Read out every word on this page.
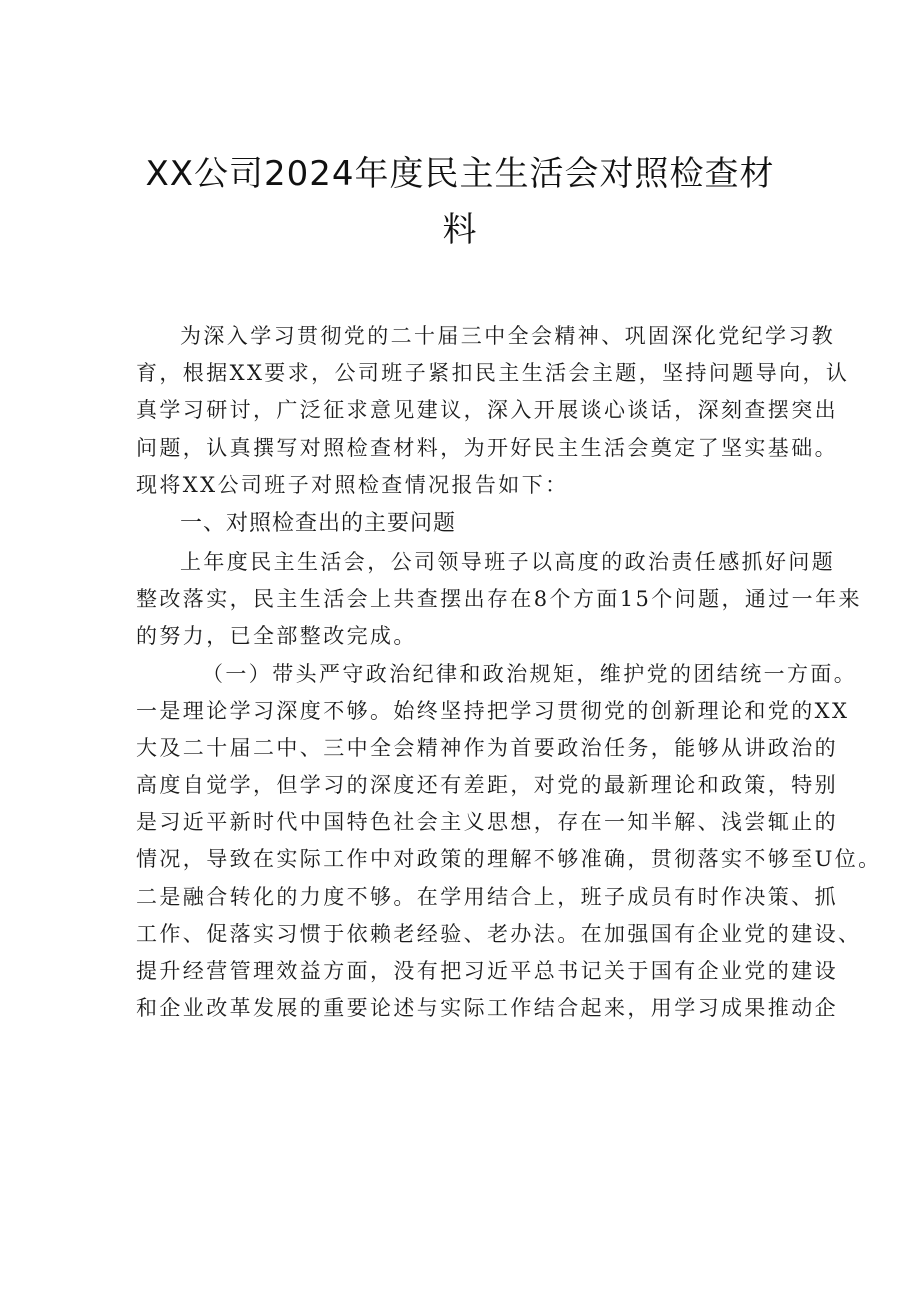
XX公司2024年度民主生活会对照检查材
料
为深入学习贯彻党的二十届三中全会精神、巩固深化党纪学习教
育，根据XX要求，公司班子紧扣民主生活会主题，坚持问题导向，认
真学习研讨，广泛征求意见建议，深入开展谈心谈话，深刻查摆突出
问题，认真撰写对照检查材料，为开好民主生活会奠定了坚实基础。
现将XX公司班子对照检查情况报告如下：
一、对照检查出的主要问题
上年度民主生活会，公司领导班子以高度的政治责任感抓好问题
整改落实，民主生活会上共查摆出存在8个方面15个问题，通过一年来
的努力，已全部整改完成。
（一）带头严守政治纪律和政治规矩，维护党的团结统一方面。
一是理论学习深度不够。始终坚持把学习贯彻党的创新理论和党的XX
大及二十届二中、三中全会精神作为首要政治任务，能够从讲政治的
高度自觉学，但学习的深度还有差距，对党的最新理论和政策，特别
是习近平新时代中国特色社会主义思想，存在一知半解、浅尝辄止的
情况，导致在实际工作中对政策的理解不够准确，贯彻落实不够至U位。
二是融合转化的力度不够。在学用结合上，班子成员有时作决策、抓
工作、促落实习惯于依赖老经验、老办法。在加强国有企业党的建设、
提升经营管理效益方面，没有把习近平总书记关于国有企业党的建设
和企业改革发展的重要论述与实际工作结合起来，用学习成果推动企
